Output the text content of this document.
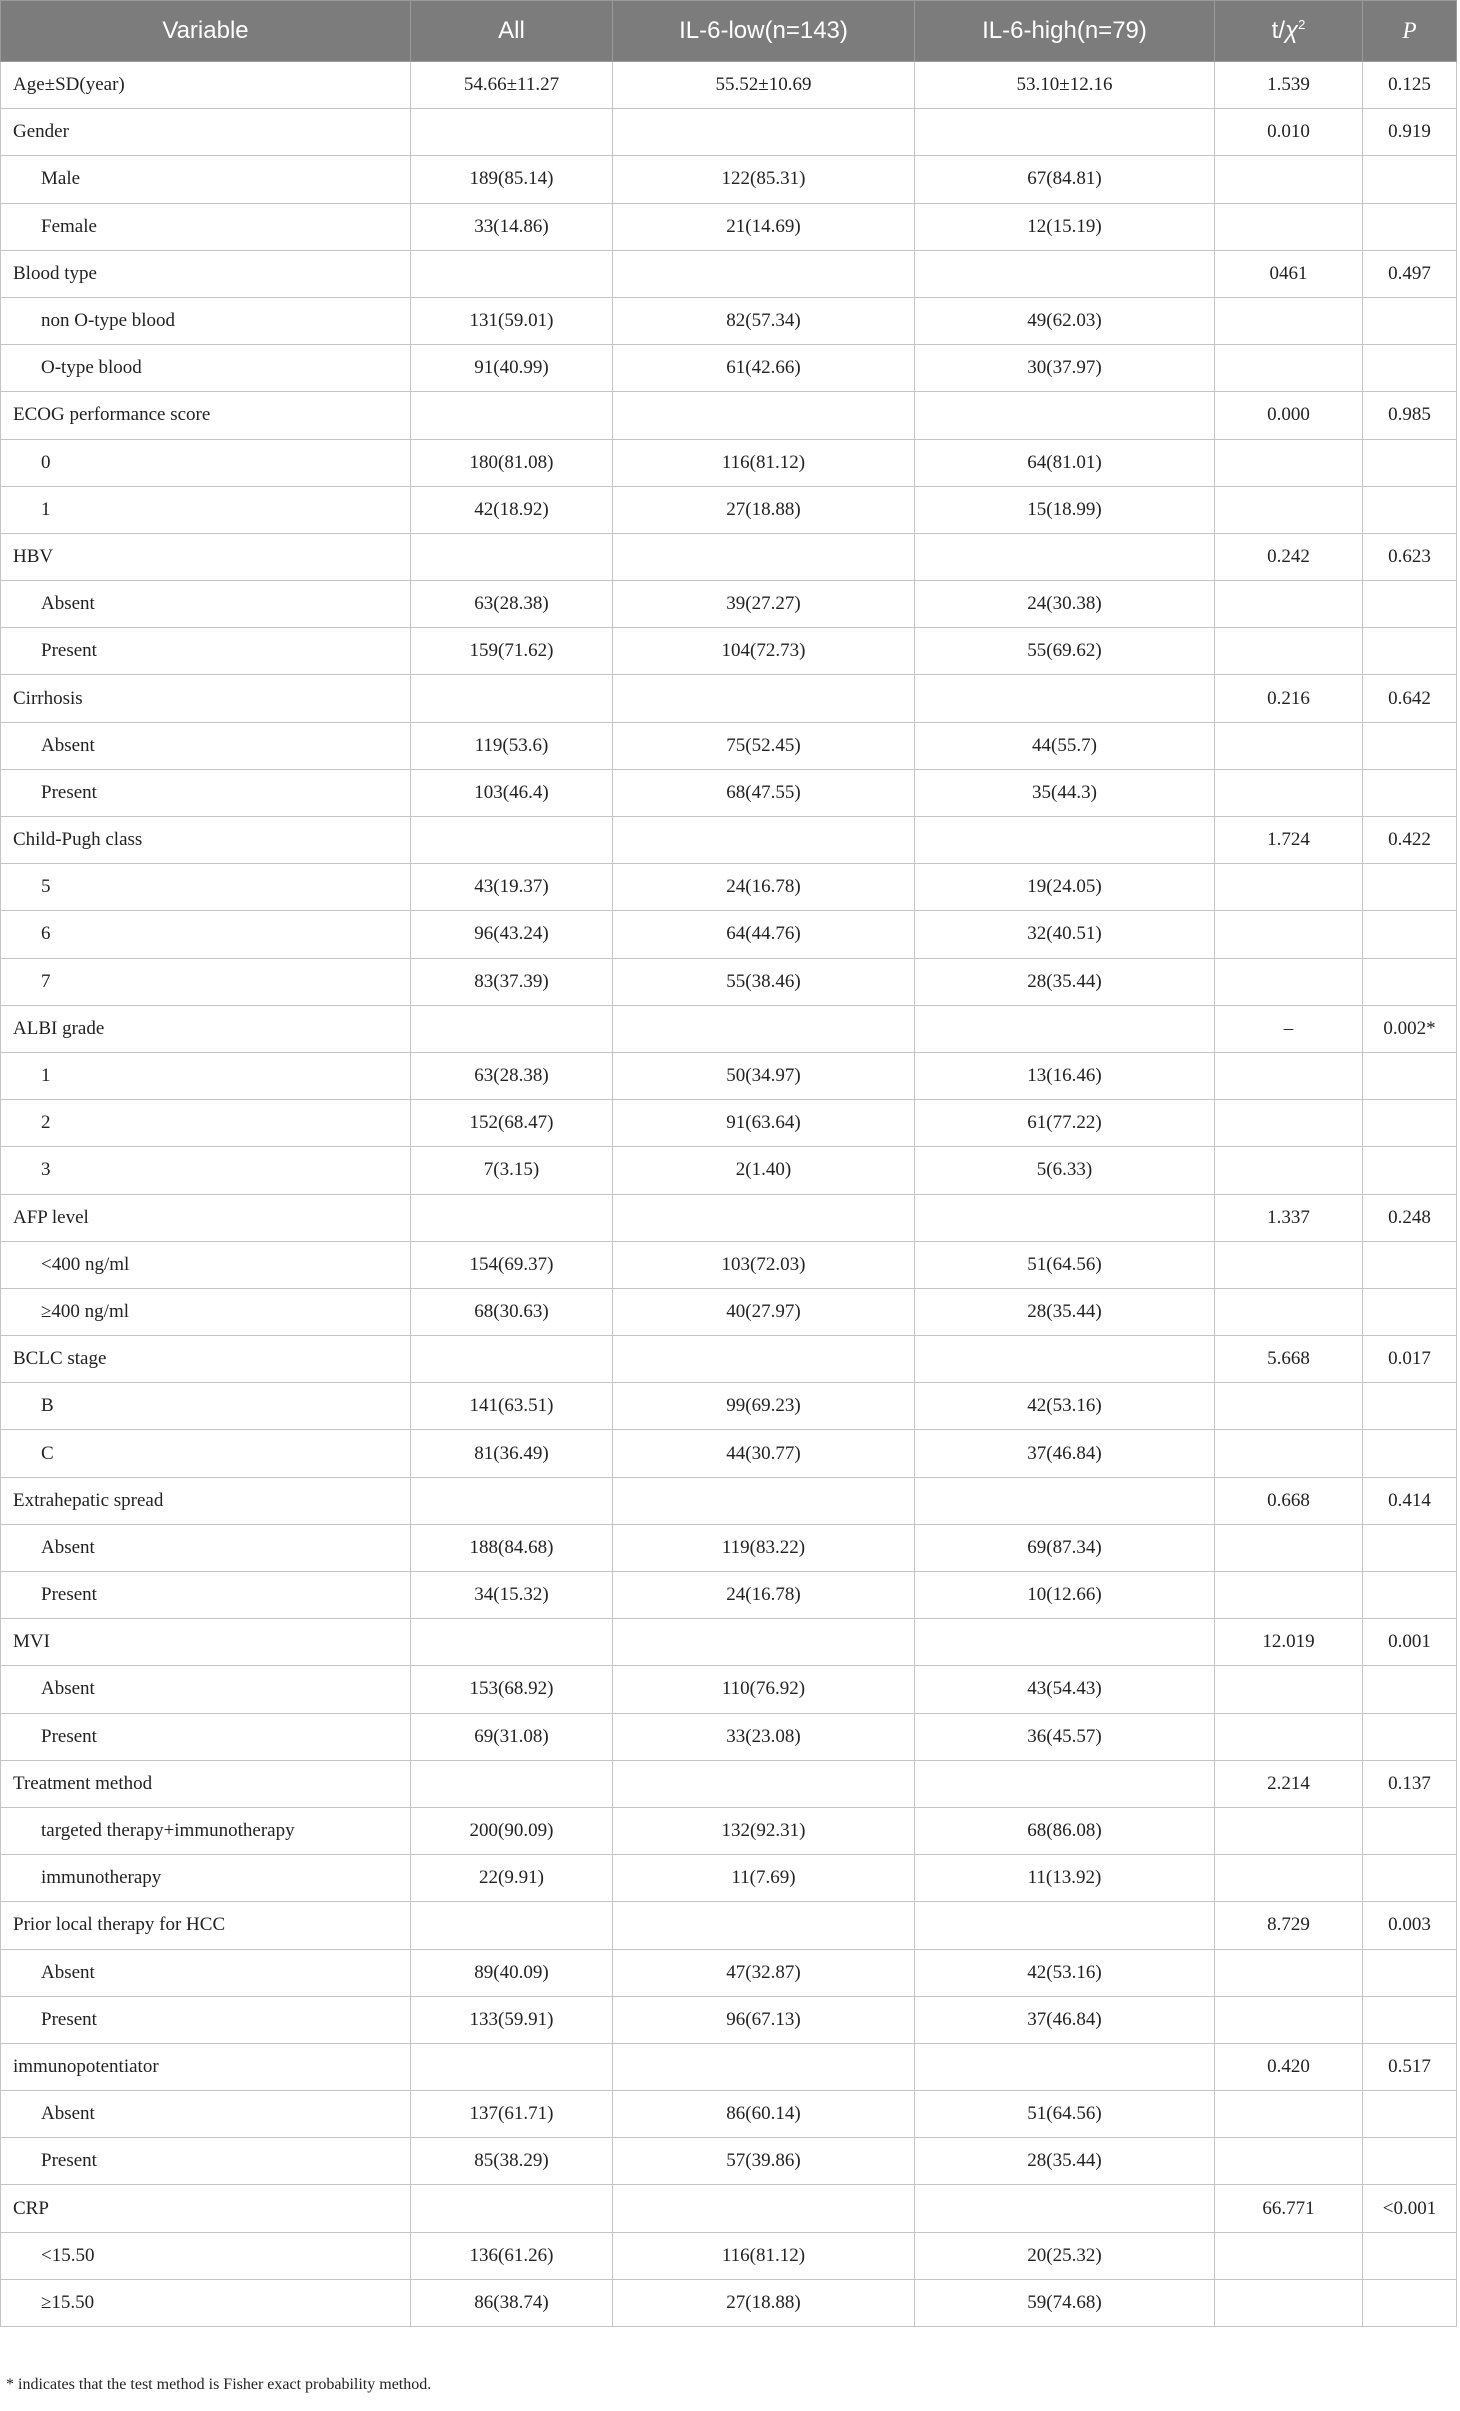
Variable	All	IL-6-low(n=143)	IL-6-high(n=79)	$t/\chi^2$	P
Age±SD(year)	54.66±11.27	55.52±10.69	53.10±12.16	1.539	0.125
Gender				0.010	0.919
Male	189(85.14)	122(85.31)	67(84.81)		
Female	33(14.86)	21(14.69)	12(15.19)		
Blood type				0461	0.497
non O-type blood	131(59.01)	82(57.34)	49(62.03)		
O-type blood	91(40.99)	61(42.66)	30(37.97)		
ECOG performance score				0.000	0.985
0	180(81.08)	116(81.12)	64(81.01)		
1	42(18.92)	27(18.88)	15(18.99)		
HBV				0.242	0.623
Absent	63(28.38)	39(27.27)	24(30.38)		
Present	159(71.62)	104(72.73)	55(69.62)		
Cirrhosis				0.216	0.642
Absent	119(53.6)	75(52.45)	44(55.7)		
Present	103(46.4)	68(47.55)	35(44.3)		
Child-Pugh class				1.724	0.422
5	43(19.37)	24(16.78)	19(24.05)		
6	96(43.24)	64(44.76)	32(40.51)		
7	83(37.39)	55(38.46)	28(35.44)		
ALBI grade				–	0.002*
1	63(28.38)	50(34.97)	13(16.46)		
2	152(68.47)	91(63.64)	61(77.22)		
3	7(3.15)	2(1.40)	5(6.33)		
AFP level				1.337	0.248
<400 ng/ml	154(69.37)	103(72.03)	51(64.56)		
≥400 ng/ml	68(30.63)	40(27.97)	28(35.44)		
BCLC stage				5.668	0.017
B	141(63.51)	99(69.23)	42(53.16)		
C	81(36.49)	44(30.77)	37(46.84)		
Extrahepatic spread				0.668	0.414
Absent	188(84.68)	119(83.22)	69(87.34)		
Present	34(15.32)	24(16.78)	10(12.66)		
MVI				12.019	0.001
Absent	153(68.92)	110(76.92)	43(54.43)		
Present	69(31.08)	33(23.08)	36(45.57)		
Treatment method				2.214	0.137
targeted therapy+immunotherapy	200(90.09)	132(92.31)	68(86.08)		
immunotherapy	22(9.91)	11(7.69)	11(13.92)		
Prior local therapy for HCC				8.729	0.003
Absent	89(40.09)	47(32.87)	42(53.16)		
Present	133(59.91)	96(67.13)	37(46.84)		
immunopotentiator				0.420	0.517
Absent	137(61.71)	86(60.14)	51(64.56)		
Present	85(38.29)	57(39.86)	28(35.44)		
CRP				66.771	<0.001
<15.50	136(61.26)	116(81.12)	20(25.32)		
≥15.50	86(38.74)	27(18.88)	59(74.68)		
* indicates that the test method is Fisher exact probability method.
